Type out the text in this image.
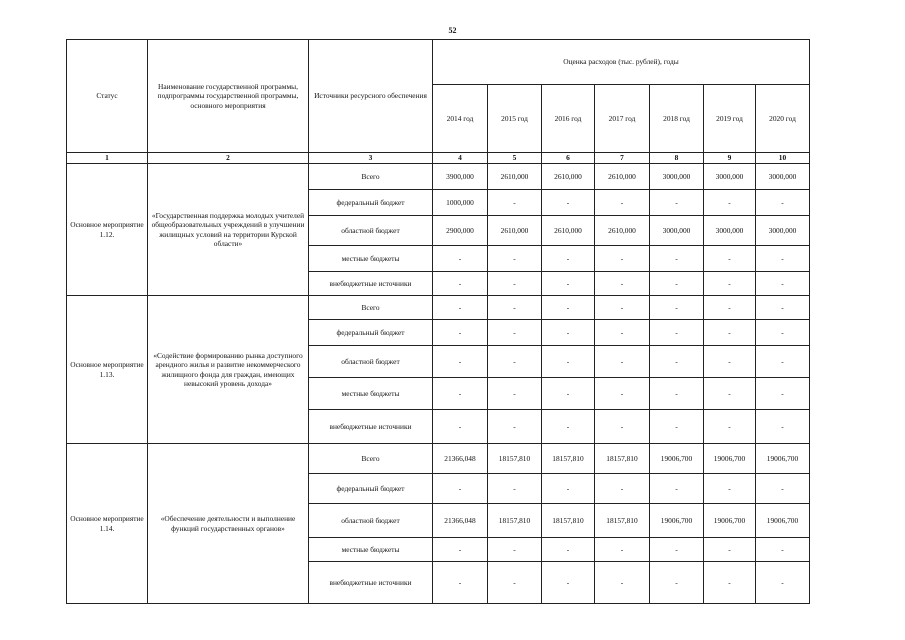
52
Статус	Наименование государственной программы, подпрограммы государственной программы, основного мероприятия	Источники ресурсного обеспечения	Оценка расходов (тыс. рублей), годы						
			2014 год	2015 год	2016 год	2017 год	2018 год	2019 год	2020 год
1	2	3	4	5	6	7	8	9	10
Основное мероприятие 1.12.	«Государственная поддержка молодых учителей общеобразовательных учреждений в улучшении жилищных условий на территории Курской области»	Всего	3900,000	2610,000	2610,000	2610,000	3000,000	3000,000	3000,000
		федеральный бюджет	1000,000	-	-	-	-	-	-
		областной бюджет	2900,000	2610,000	2610,000	2610,000	3000,000	3000,000	3000,000
		местные бюджеты	-	-	-	-	-	-	-
		внебюджетные источники	-	-	-	-	-	-	-
Основное мероприятие 1.13.	«Содействие формированию рынка доступного арендного жилья и развитие некоммерческого жилищного фонда для граждан, имеющих невысокий уровень дохода»	Всего	-	-	-	-	-	-	-
		федеральный бюджет	-	-	-	-	-	-	-
		областной бюджет	-	-	-	-	-	-	-
		местные бюджеты	-	-	-	-	-	-	-
		внебюджетные источники	-	-	-	-	-	-	-
Основное мероприятие 1.14.	«Обеспечение деятельности и выполнение функций государственных органов»	Всего	21366,048	18157,810	18157,810	18157,810	19006,700	19006,700	19006,700
		федеральный бюджет	-	-	-	-	-	-	-
		областной бюджет	21366,048	18157,810	18157,810	18157,810	19006,700	19006,700	19006,700
		местные бюджеты	-	-	-	-	-	-	-
		внебюджетные источники	-	-	-	-	-	-	-
